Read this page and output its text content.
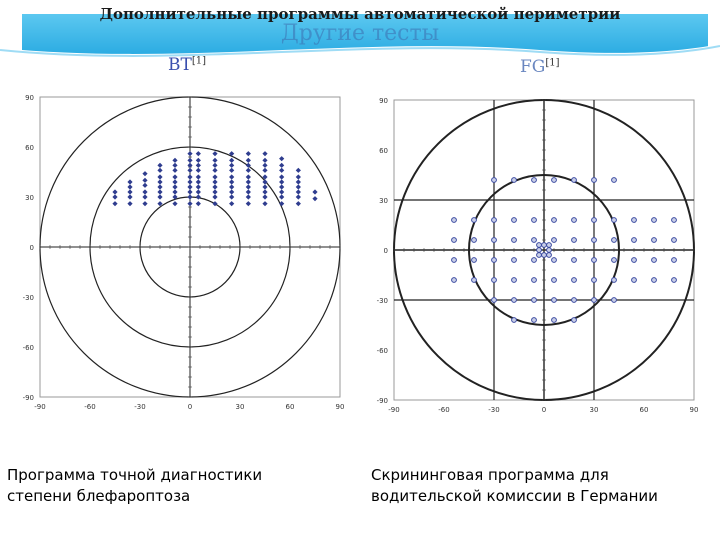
Дополнительные программы автоматической периметрии
Другие тесты
BT[1]	FG[1]
-90	-60	-30	0	30	60	90
90
60
30
0
-30
-60
-90
-90	-60	-30	0	30	60	90
90
60
30
0
-30
-60
-90
Программа точной диагностики
степени блефароптоза
Скрининговая программа для
водительской комиссии в Германии
